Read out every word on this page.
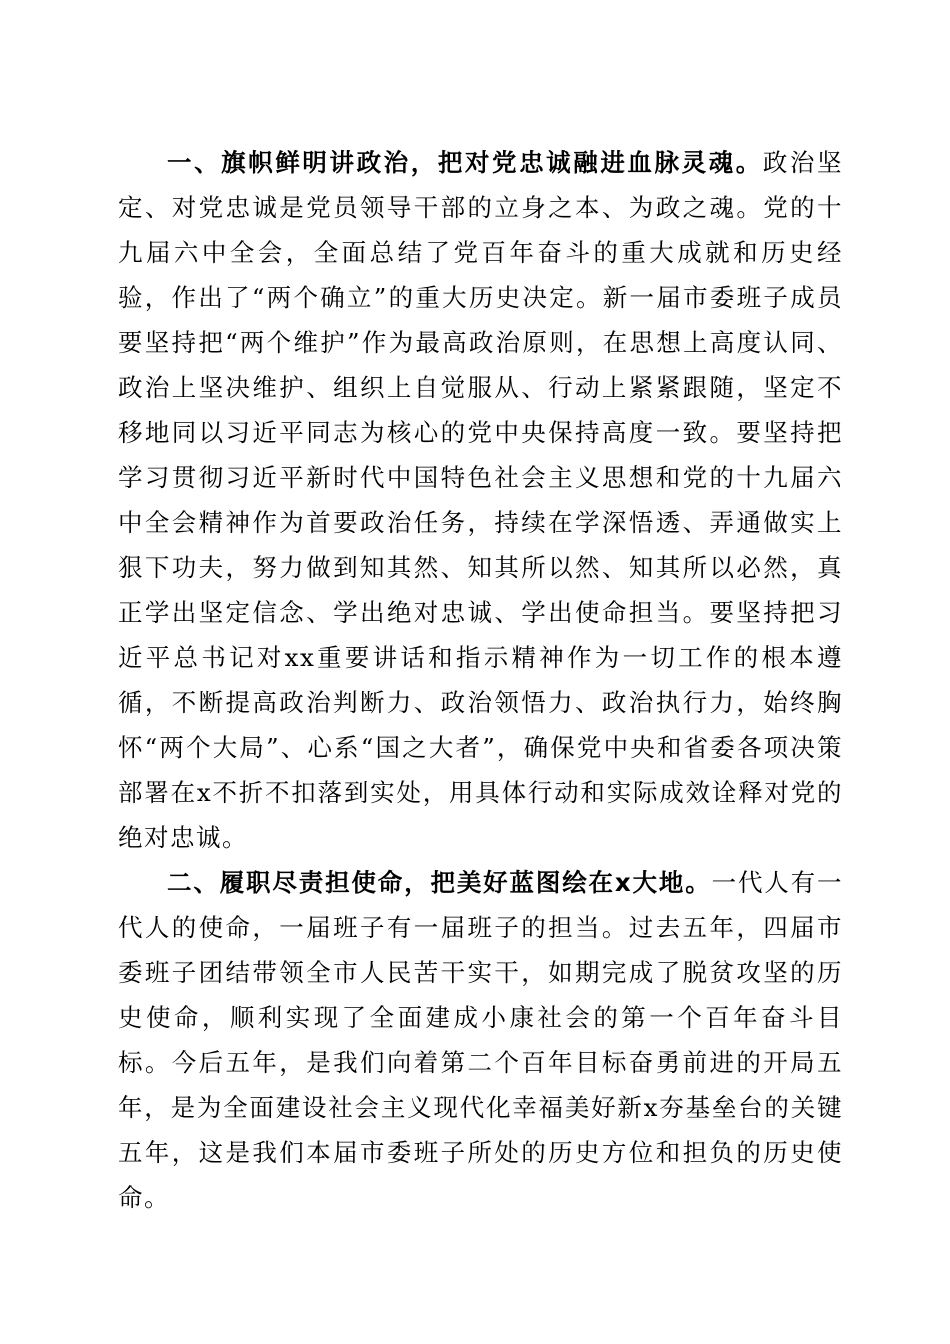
一、旗帜鲜明讲政治，把对党忠诚融进血脉灵魂。政治坚定、对党忠诚是党员领导干部的立身之本、为政之魂。党的十九届六中全会，全面总结了党百年奋斗的重大成就和历史经验，作出了“两个确立”的重大历史决定。新一届市委班子成员要坚持把“两个维护”作为最高政治原则，在思想上高度认同、政治上坚决维护、组织上自觉服从、行动上紧紧跟随，坚定不移地同以习近平同志为核心的党中央保持高度一致。要坚持把学习贯彻习近平新时代中国特色社会主义思想和党的十九届六中全会精神作为首要政治任务，持续在学深悟透、弄通做实上狠下功夫，努力做到知其然、知其所以然、知其所以必然，真正学出坚定信念、学出绝对忠诚、学出使命担当。要坚持把习近平总书记对xx重要讲话和指示精神作为一切工作的根本遵循，不断提高政治判断力、政治领悟力、政治执行力，始终胸怀“两个大局”、心系“国之大者”，确保党中央和省委各项决策部署在x不折不扣落到实处，用具体行动和实际成效诠释对党的绝对忠诚。

二、履职尽责担使命，把美好蓝图绘在x大地。一代人有一代人的使命，一届班子有一届班子的担当。过去五年，四届市委班子团结带领全市人民苦干实干，如期完成了脱贫攻坚的历史使命，顺利实现了全面建成小康社会的第一个百年奋斗目标。今后五年，是我们向着第二个百年目标奋勇前进的开局五年，是为全面建设社会主义现代化幸福美好新x夯基垒台的关键五年，这是我们本届市委班子所处的历史方位和担负的历史使命。
